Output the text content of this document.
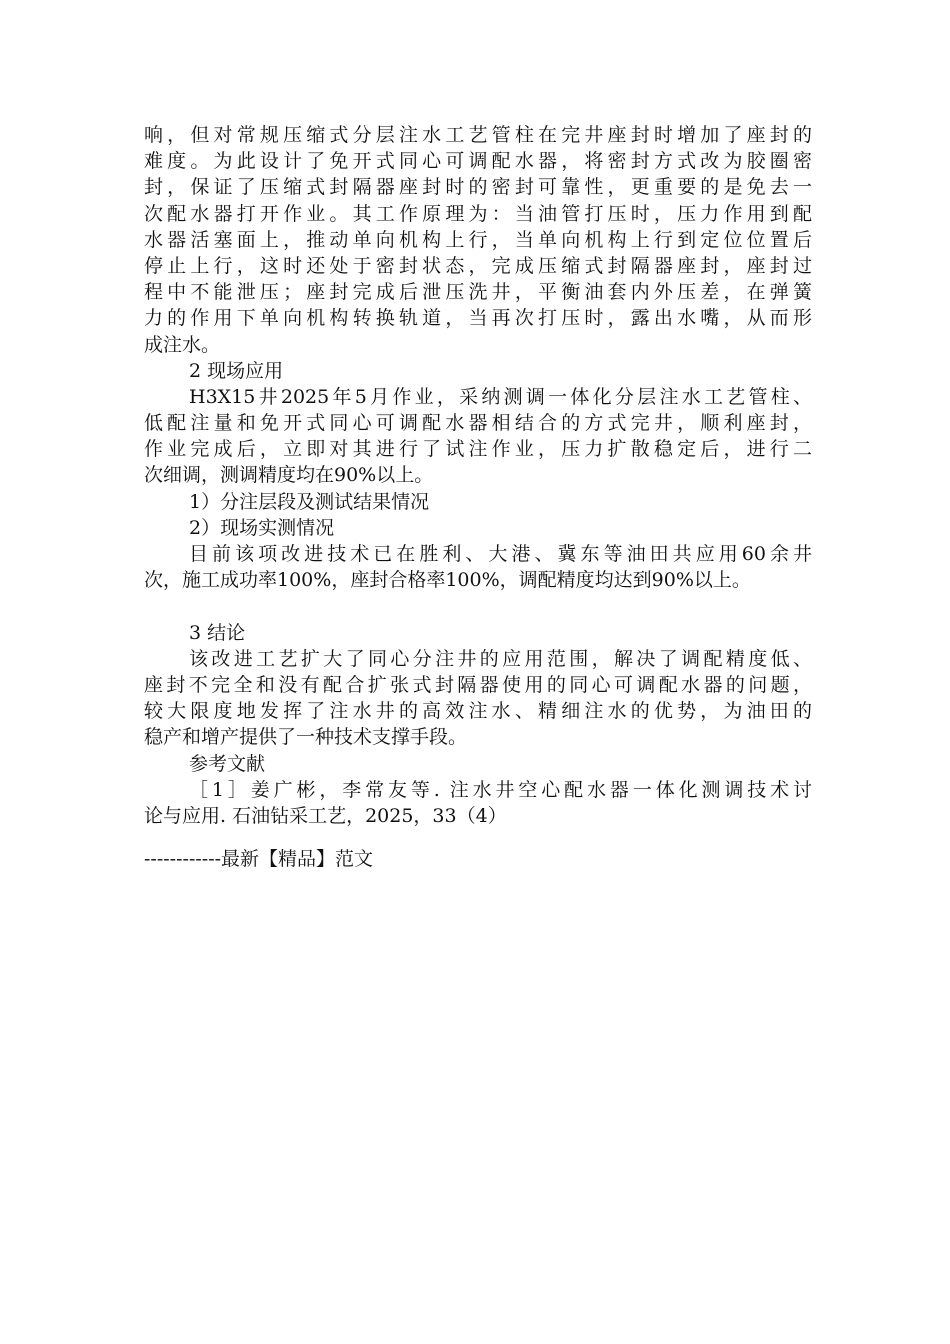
响，但对常规压缩式分层注水工艺管柱在完井座封时增加了座封的
难度。为此设计了免开式同心可调配水器，将密封方式改为胶圈密
封，保证了压缩式封隔器座封时的密封可靠性，更重要的是免去一
次配水器打开作业。其工作原理为：当油管打压时，压力作用到配
水器活塞面上，推动单向机构上行，当单向机构上行到定位位置后
停止上行，这时还处于密封状态，完成压缩式封隔器座封，座封过
程中不能泄压；座封完成后泄压洗井，平衡油套内外压差，在弹簧
力的作用下单向机构转换轨道，当再次打压时，露出水嘴，从而形
成注水。
2 现场应用
H3X15井2025年5月作业，采纳测调一体化分层注水工艺管柱、
低配注量和免开式同心可调配水器相结合的方式完井，顺利座封，
作业完成后，立即对其进行了试注作业，压力扩散稳定后，进行二
次细调，测调精度均在90%以上。
1）分注层段及测试结果情况
2）现场实测情况
目前该项改进技术已在胜利、大港、冀东等油田共应用60余井
次，施工成功率100%，座封合格率100%，调配精度均达到90%以上。
3 结论
该改进工艺扩大了同心分注井的应用范围，解决了调配精度低、
座封不完全和没有配合扩张式封隔器使用的同心可调配水器的问题，
较大限度地发挥了注水井的高效注水、精细注水的优势，为油田的
稳产和增产提供了一种技术支撑手段。
参考文献
［1］姜广彬，李常友等. 注水井空心配水器一体化测调技术讨
论与应用. 石油钻采工艺，2025，33（4）
------------最新【精品】范文
